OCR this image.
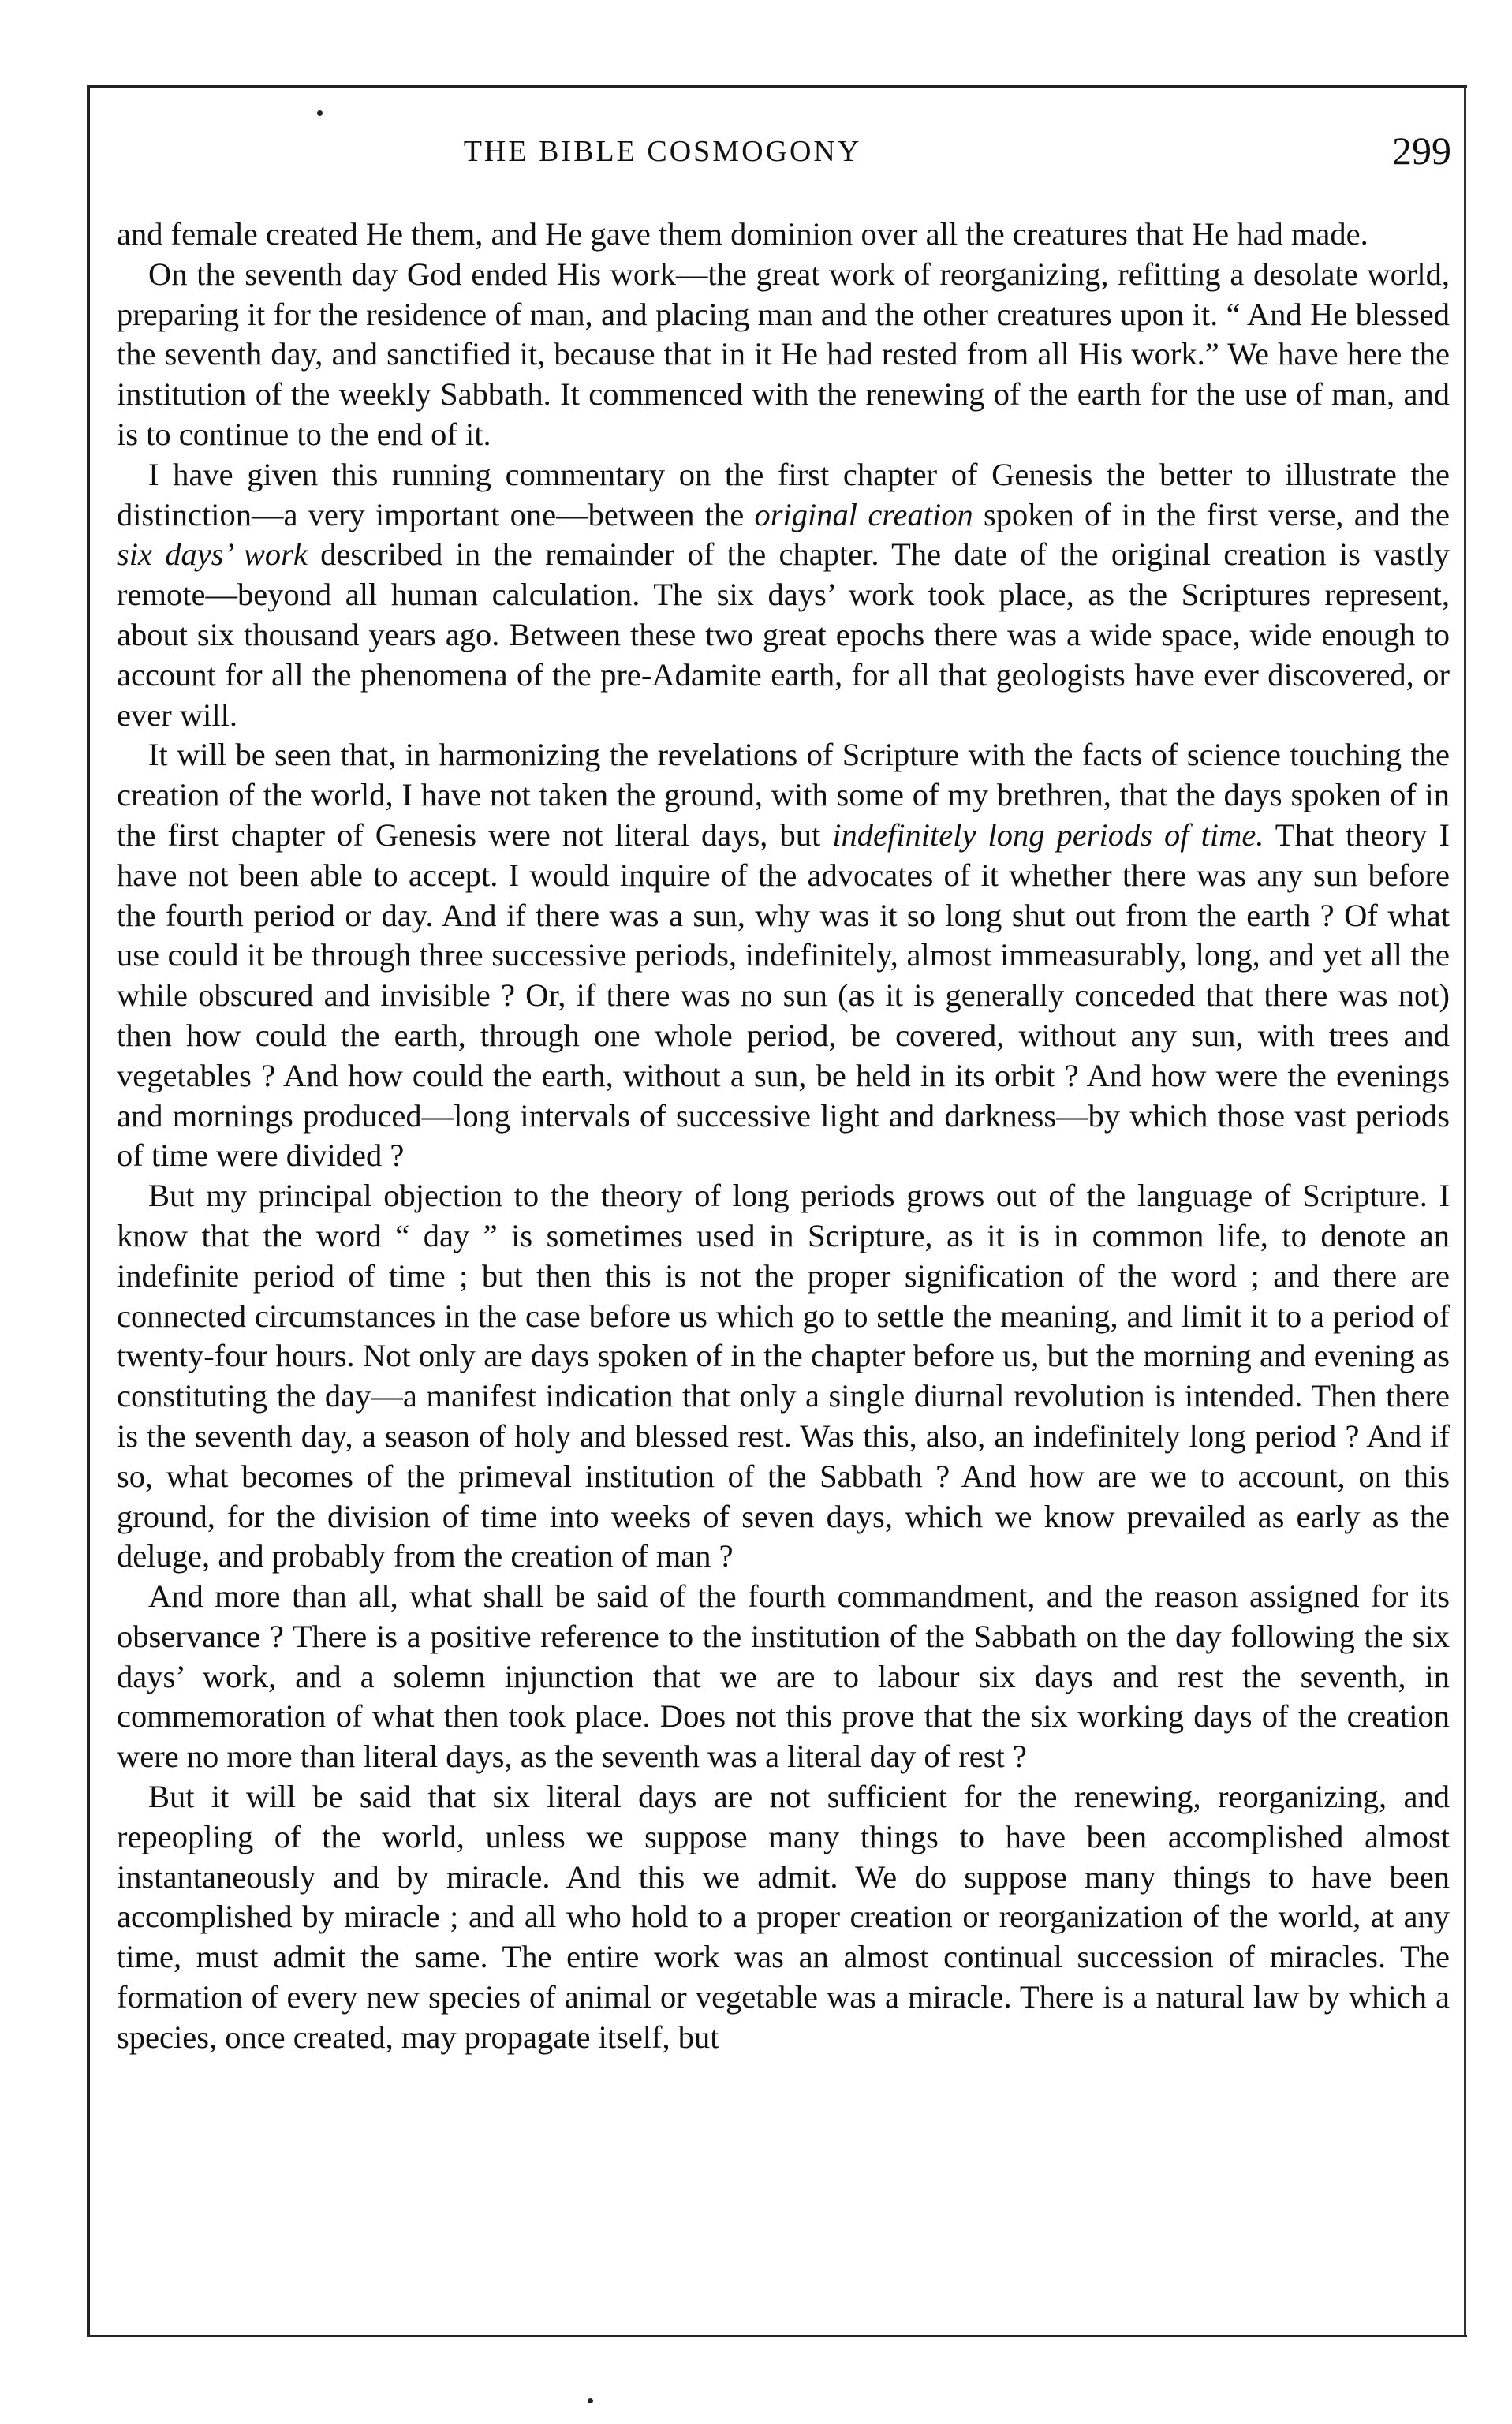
THE BIBLE COSMOGONY	299

and female created He them, and He gave them dominion over all the creatures that He had made.

On the seventh day God ended His work—the great work of reorganizing, refitting a desolate world, preparing it for the residence of man, and placing man and the other creatures upon it. “ And He blessed the seventh day, and sanctified it, because that in it He had rested from all His work.” We have here the institution of the weekly Sabbath. It commenced with the renewing of the earth for the use of man, and is to continue to the end of it.

I have given this running commentary on the first chapter of Genesis the better to illustrate the distinction—a very important one—between the original creation spoken of in the first verse, and the six days’ work described in the remainder of the chapter. The date of the original creation is vastly remote—beyond all human calculation. The six days’ work took place, as the Scriptures represent, about six thousand years ago. Between these two great epochs there was a wide space, wide enough to account for all the phenomena of the pre-Adamite earth, for all that geologists have ever discovered, or ever will.

It will be seen that, in harmonizing the revelations of Scripture with the facts of science touching the creation of the world, I have not taken the ground, with some of my brethren, that the days spoken of in the first chapter of Genesis were not literal days, but indefinitely long periods of time. That theory I have not been able to accept. I would inquire of the advocates of it whether there was any sun before the fourth period or day. And if there was a sun, why was it so long shut out from the earth ? Of what use could it be through three successive periods, indefinitely, almost immeasurably, long, and yet all the while obscured and invisible ? Or, if there was no sun (as it is generally conceded that there was not) then how could the earth, through one whole period, be covered, without any sun, with trees and vegetables ? And how could the earth, without a sun, be held in its orbit ? And how were the evenings and mornings produced—long intervals of successive light and darkness—by which those vast periods of time were divided ?

But my principal objection to the theory of long periods grows out of the language of Scripture. I know that the word “ day ” is sometimes used in Scripture, as it is in common life, to denote an indefinite period of time ; but then this is not the proper signification of the word ; and there are connected circumstances in the case before us which go to settle the meaning, and limit it to a period of twenty-four hours. Not only are days spoken of in the chapter before us, but the morning and evening as constituting the day—a manifest indication that only a single diurnal revolution is intended. Then there is the seventh day, a season of holy and blessed rest. Was this, also, an indefinitely long period ? And if so, what becomes of the primeval institution of the Sabbath ? And how are we to account, on this ground, for the division of time into weeks of seven days, which we know prevailed as early as the deluge, and probably from the creation of man ?

And more than all, what shall be said of the fourth commandment, and the reason assigned for its observance ? There is a positive reference to the institution of the Sabbath on the day following the six days’ work, and a solemn injunction that we are to labour six days and rest the seventh, in commemoration of what then took place. Does not this prove that the six working days of the creation were no more than literal days, as the seventh was a literal day of rest ?

But it will be said that six literal days are not sufficient for the renewing, reorganizing, and repeopling of the world, unless we suppose many things to have been accomplished almost instantaneously and by miracle. And this we admit. We do suppose many things to have been accomplished by miracle ; and all who hold to a proper creation or reorganization of the world, at any time, must admit the same. The entire work was an almost continual succession of miracles. The formation of every new species of animal or vegetable was a miracle. There is a natural law by which a species, once created, may propagate itself, but
